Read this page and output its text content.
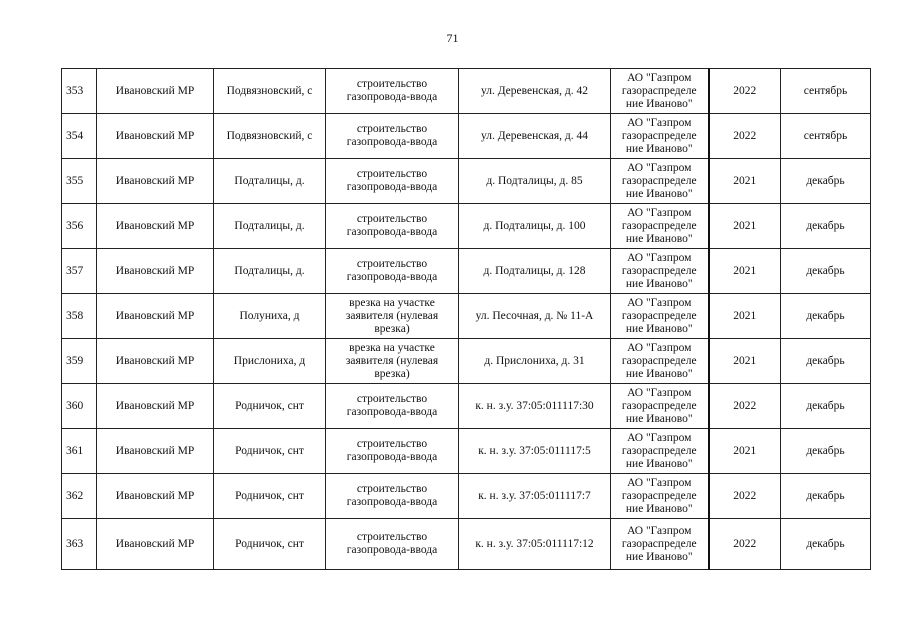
71
353	Ивановский МР	Подвязновский, с	строительство
газопровода-ввода	ул. Деревенская, д. 42	АО "Газпром
газораспределе
ние Иваново"	2022	сентябрь
354	Ивановский МР	Подвязновский, с	строительство
газопровода-ввода	ул. Деревенская, д. 44	АО "Газпром
газораспределе
ние Иваново"	2022	сентябрь
355	Ивановский МР	Подталицы, д.	строительство
газопровода-ввода	д. Подталицы, д. 85	АО "Газпром
газораспределе
ние Иваново"	2021	декабрь
356	Ивановский МР	Подталицы, д.	строительство
газопровода-ввода	д. Подталицы, д. 100	АО "Газпром
газораспределе
ние Иваново"	2021	декабрь
357	Ивановский МР	Подталицы, д.	строительство
газопровода-ввода	д. Подталицы, д. 128	АО "Газпром
газораспределе
ние Иваново"	2021	декабрь
358	Ивановский МР	Полуниха, д	врезка на участке
заявителя (нулевая
врезка)	ул. Песочная, д. № 11-А	АО "Газпром
газораспределе
ние Иваново"	2021	декабрь
359	Ивановский МР	Прислониха, д	врезка на участке
заявителя (нулевая
врезка)	д. Прислониха, д. 31	АО "Газпром
газораспределе
ние Иваново"	2021	декабрь
360	Ивановский МР	Родничок, снт	строительство
газопровода-ввода	к. н. з.у. 37:05:011117:30	АО "Газпром
газораспределе
ние Иваново"	2022	декабрь
361	Ивановский МР	Родничок, снт	строительство
газопровода-ввода	к. н. з.у. 37:05:011117:5	АО "Газпром
газораспределе
ние Иваново"	2021	декабрь
362	Ивановский МР	Родничок, снт	строительство
газопровода-ввода	к. н. з.у. 37:05:011117:7	АО "Газпром
газораспределе
ние Иваново"	2022	декабрь
363	Ивановский МР	Родничок, снт	строительство
газопровода-ввода	к. н. з.у. 37:05:011117:12	АО "Газпром
газораспределе
ние Иваново"	2022	декабрь
